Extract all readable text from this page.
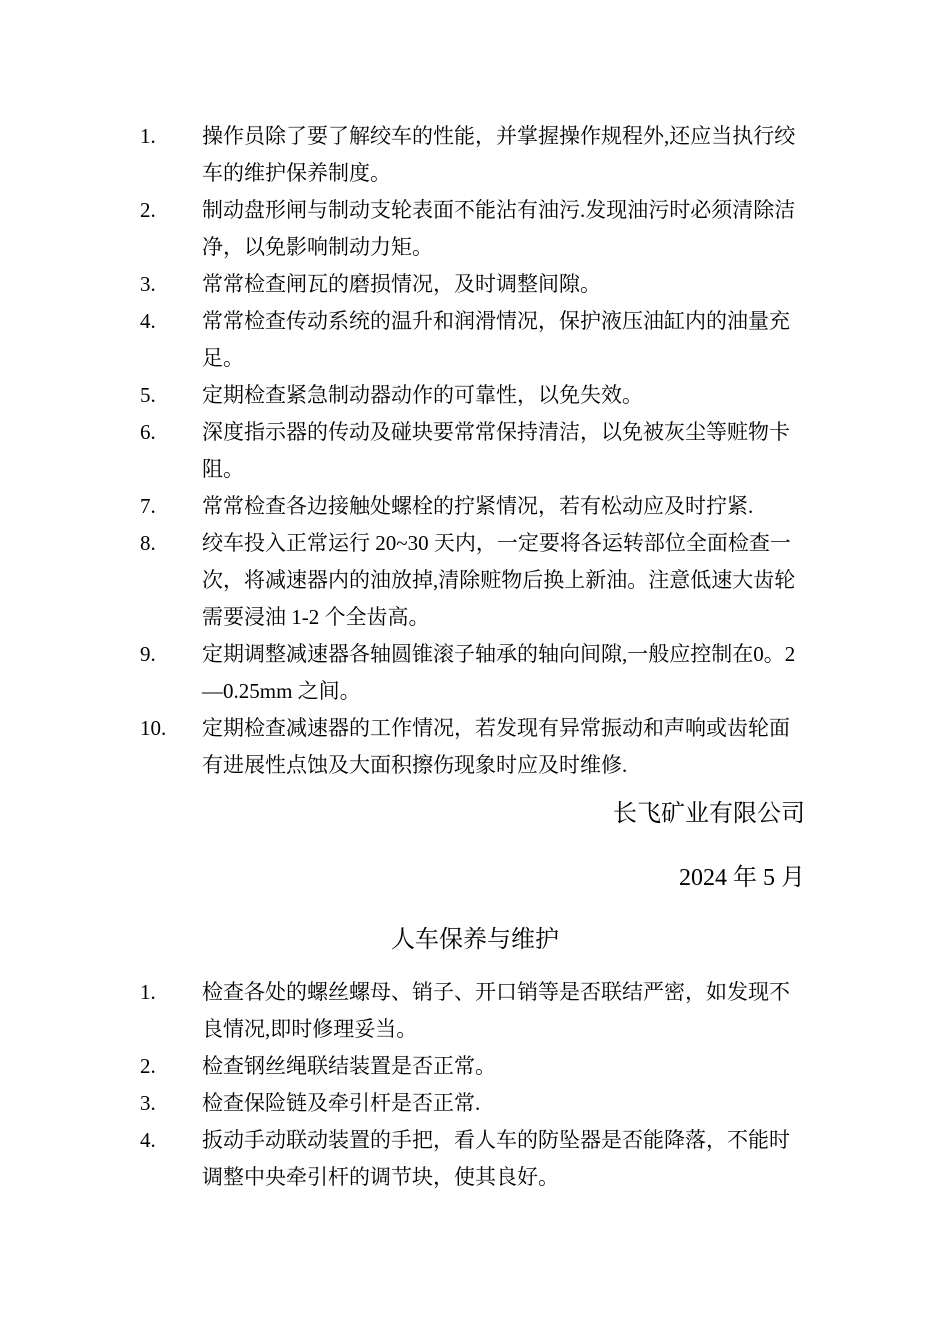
1.	操作员除了要了解绞车的性能，并掌握操作规程外,还应当执行绞车的维护保养制度。
2.	制动盘形闸与制动支轮表面不能沾有油污.发现油污时必须清除洁净，以免影响制动力矩。
3.	常常检查闸瓦的磨损情况，及时调整间隙。
4.	常常检查传动系统的温升和润滑情况，保护液压油缸内的油量充足。
5.	定期检查紧急制动器动作的可靠性，以免失效。
6.	深度指示器的传动及碰块要常常保持清洁，以免被灰尘等赃物卡阻。
7.	常常检查各边接触处螺栓的拧紧情况，若有松动应及时拧紧.
8.	绞车投入正常运行 20~30 天内，一定要将各运转部位全面检查一次，将减速器内的油放掉,清除赃物后换上新油。注意低速大齿轮需要浸油 1-2 个全齿高。
9.	定期调整减速器各轴圆锥滚子轴承的轴向间隙,一般应控制在0。2—0.25mm 之间。
10.	定期检查减速器的工作情况，若发现有异常振动和声响或齿轮面有进展性点蚀及大面积擦伤现象时应及时维修.
长飞矿业有限公司
2024 年 5 月
人车保养与维护
1.	检查各处的螺丝螺母、销子、开口销等是否联结严密，如发现不良情况,即时修理妥当。
2.	检查钢丝绳联结装置是否正常。
3.	检查保险链及牵引杆是否正常.
4.	扳动手动联动装置的手把，看人车的防坠器是否能降落，不能时调整中央牵引杆的调节块，使其良好。
